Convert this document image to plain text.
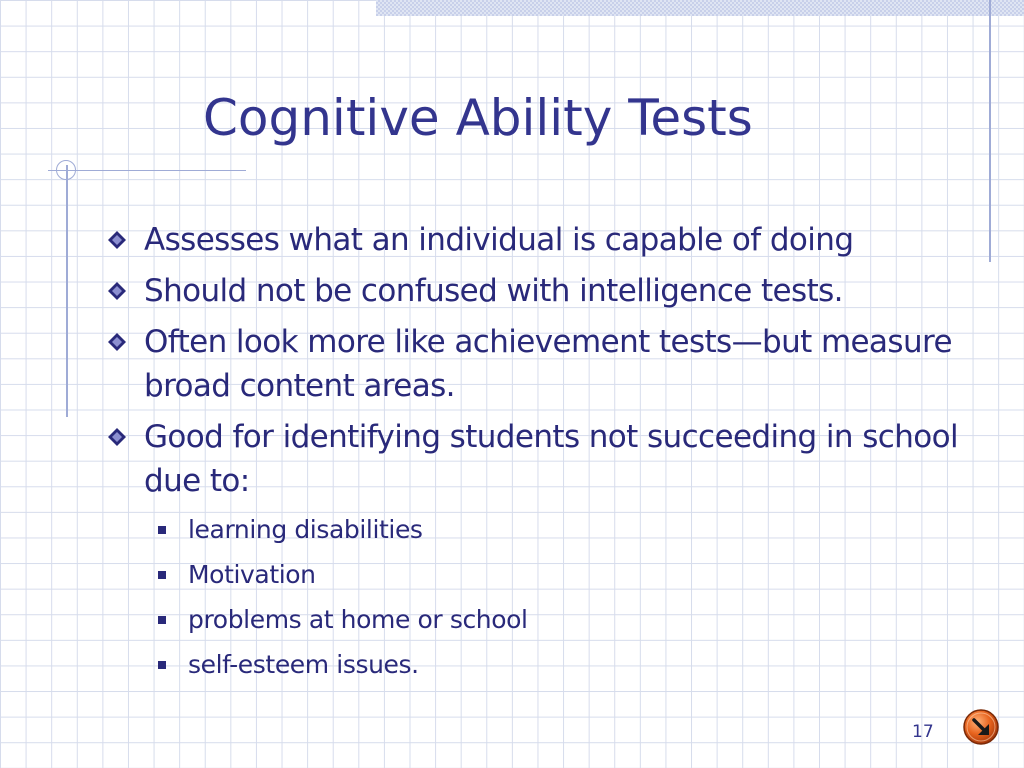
Cognitive Ability Tests
Assesses what an individual is capable of doing
Should not be confused with intelligence tests.
Often look more like achievement tests—but measure broad content areas.
Good for identifying students not succeeding in school due to:
learning disabilities
Motivation
problems at home or school
self-esteem issues.
17
